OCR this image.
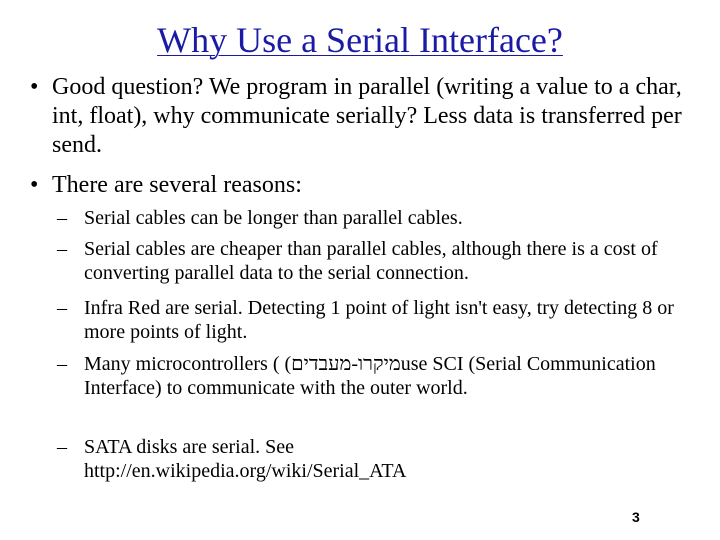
Why Use a Serial Interface?
• Good question? We program in parallel (writing a value to a char, int, float), why communicate serially? Less data is transferred per send.
• There are several reasons:
– Serial cables can be longer than parallel cables.
– Serial cables are cheaper than parallel cables, although there is a cost of converting parallel data to the serial connection.
– Infra Red are serial. Detecting 1 point of light isn't easy, try detecting 8 or more points of light.
– Many microcontrollers ( (מיקרו-מעבדיםuse SCI (Serial Communication Interface) to communicate with the outer world.
– SATA disks are serial. See
http://en.wikipedia.org/wiki/Serial_ATA
3
